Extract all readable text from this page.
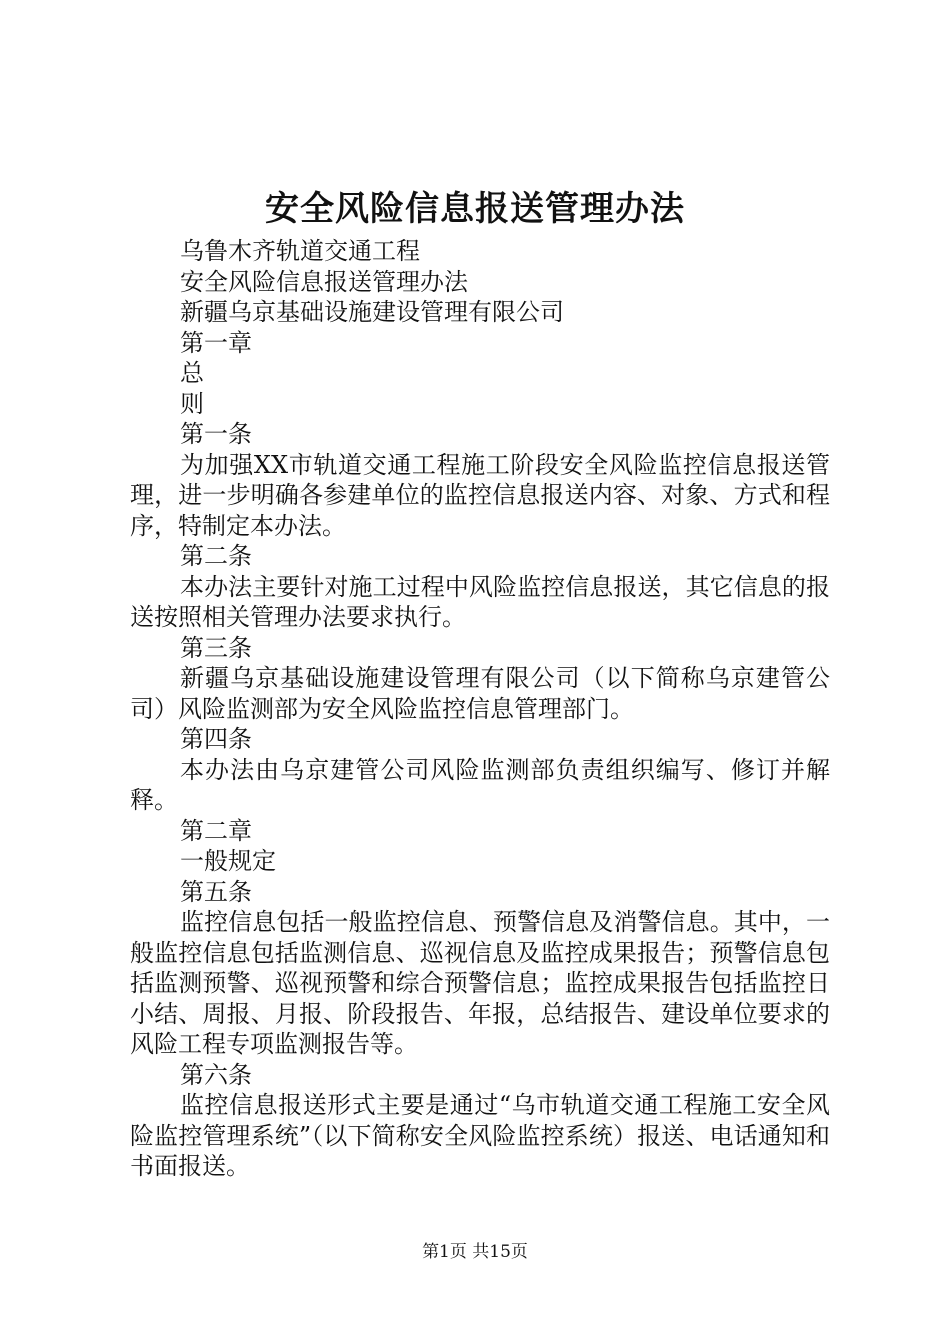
安全风险信息报送管理办法
乌鲁木齐轨道交通工程
安全风险信息报送管理办法
新疆乌京基础设施建设管理有限公司
第一章
总
则
第一条
为加强XX市轨道交通工程施工阶段安全风险监控信息报送管理，进一步明确各参建单位的监控信息报送内容、对象、方式和程序，特制定本办法。
第二条
本办法主要针对施工过程中风险监控信息报送，其它信息的报送按照相关管理办法要求执行。
第三条
新疆乌京基础设施建设管理有限公司（以下简称乌京建管公司）风险监测部为安全风险监控信息管理部门。
第四条
本办法由乌京建管公司风险监测部负责组织编写、修订并解释。
第二章
一般规定
第五条
监控信息包括一般监控信息、预警信息及消警信息。其中，一般监控信息包括监测信息、巡视信息及监控成果报告；预警信息包括监测预警、巡视预警和综合预警信息；监控成果报告包括监控日小结、周报、月报、阶段报告、年报，总结报告、建设单位要求的风险工程专项监测报告等。
第六条
监控信息报送形式主要是通过“乌市轨道交通工程施工安全风险监控管理系统”（以下简称安全风险监控系统）报送、电话通知和书面报送。
第1页 共15页
